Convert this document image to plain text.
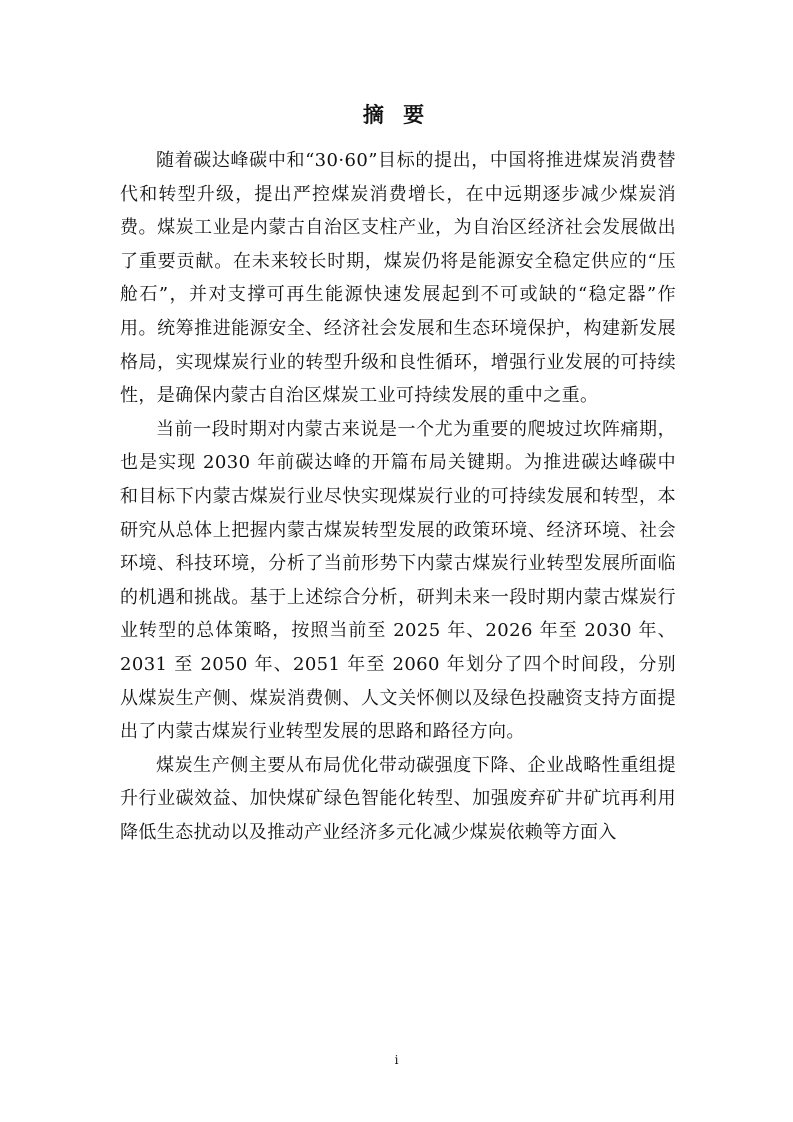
摘 要

随着碳达峰碳中和“30·60”目标的提出，中国将推进煤炭消费替代和转型升级，提出严控煤炭消费增长，在中远期逐步减少煤炭消费。煤炭工业是内蒙古自治区支柱产业，为自治区经济社会发展做出了重要贡献。在未来较长时期，煤炭仍将是能源安全稳定供应的“压舱石”，并对支撑可再生能源快速发展起到不可或缺的“稳定器”作用。统筹推进能源安全、经济社会发展和生态环境保护，构建新发展格局，实现煤炭行业的转型升级和良性循环，增强行业发展的可持续性，是确保内蒙古自治区煤炭工业可持续发展的重中之重。

当前一段时期对内蒙古来说是一个尤为重要的爬坡过坎阵痛期，也是实现 2030 年前碳达峰的开篇布局关键期。为推进碳达峰碳中和目标下内蒙古煤炭行业尽快实现煤炭行业的可持续发展和转型，本研究从总体上把握内蒙古煤炭转型发展的政策环境、经济环境、社会环境、科技环境，分析了当前形势下内蒙古煤炭行业转型发展所面临的机遇和挑战。基于上述综合分析，研判未来一段时期内蒙古煤炭行业转型的总体策略，按照当前至 2025 年、2026 年至 2030 年、2031 至 2050 年、2051 年至 2060 年划分了四个时间段，分别从煤炭生产侧、煤炭消费侧、人文关怀侧以及绿色投融资支持方面提出了内蒙古煤炭行业转型发展的思路和路径方向。

煤炭生产侧主要从布局优化带动碳强度下降、企业战略性重组提升行业碳效益、加快煤矿绿色智能化转型、加强废弃矿井矿坑再利用降低生态扰动以及推动产业经济多元化减少煤炭依赖等方面入

i
